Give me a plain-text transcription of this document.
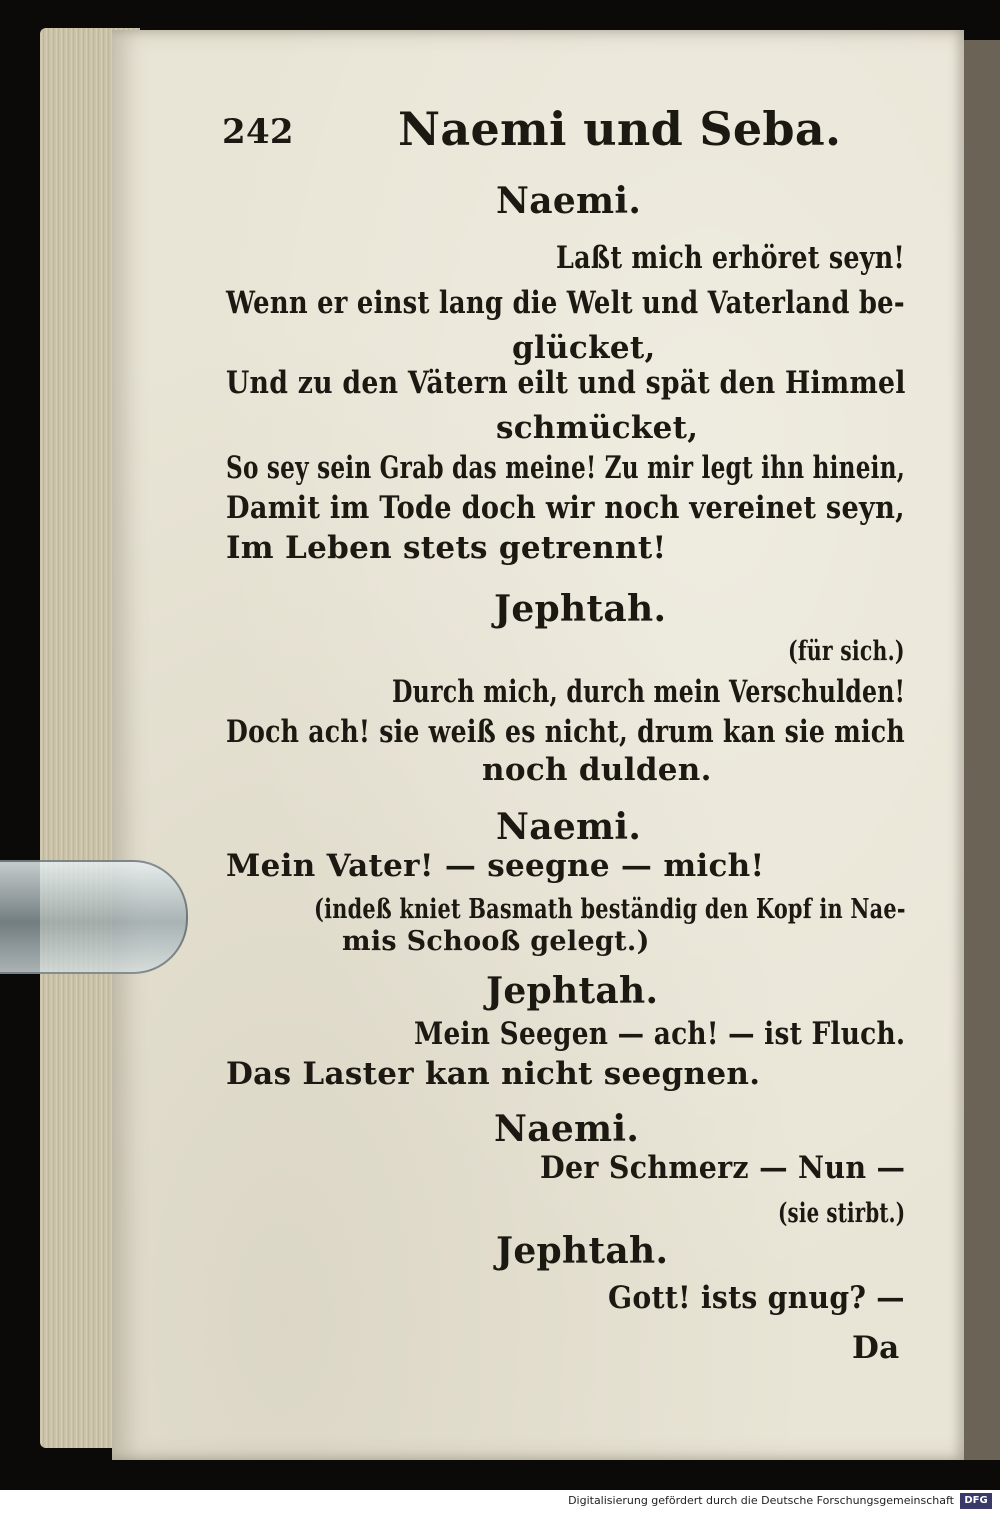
242 Naemi und Seba.
Naemi.
Laßt mich erhöret seyn!
Wenn er einst lang die Welt und Vaterland be-
glücket,
Und zu den Vätern eilt und spät den Himmel
schmücket,
So sey sein Grab das meine! Zu mir legt ihn hinein,
Damit im Tode doch wir noch vereinet seyn,
Im Leben stets getrennt!
Jephtah.
(für sich.)
Durch mich, durch mein Verschulden!
Doch ach! sie weiß es nicht, drum kan sie mich
noch dulden.
Naemi.
Mein Vater! — seegne — mich!
(indeß kniet Basmath beständig den Kopf in Nae-
mis Schooß gelegt.)
Jephtah.
Mein Seegen — ach! — ist Fluch.
Das Laster kan nicht seegnen.
Naemi.
Der Schmerz — Nun —
(sie stirbt.)
Jephtah.
Gott! ists gnug? —
Da
Digitalisierung gefördert durch die Deutsche Forschungsgemeinschaft	DFG
